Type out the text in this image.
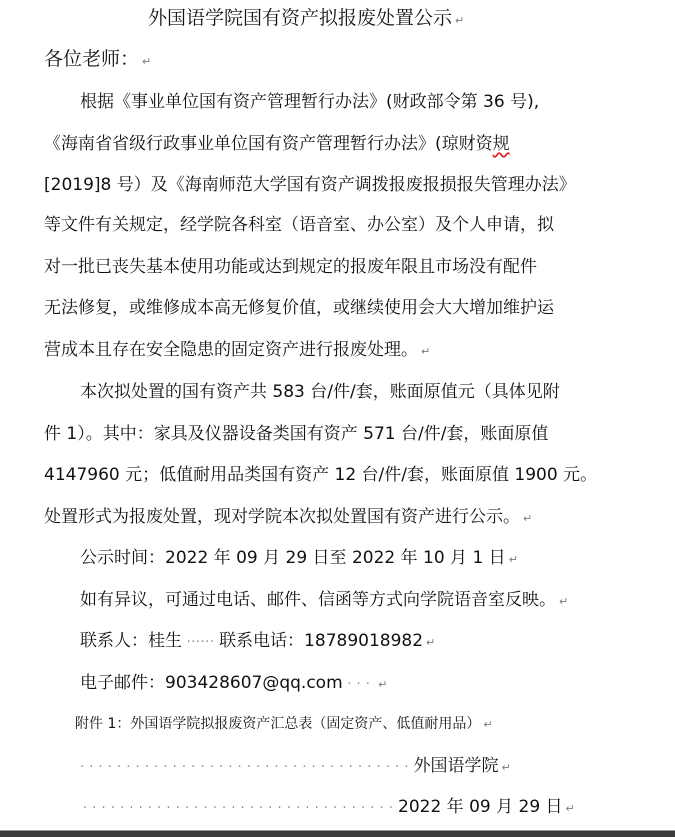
外国语学院国有资产拟报废处置公示 ↵
各位老师： ↵
根据《事业单位国有资产管理暂行办法》(财政部令第 36 号),
《海南省省级行政事业单位国有资产管理暂行办法》(琼财资规
[2019]8 号）及《海南师范大学国有资产调拨报废报损报失管理办法》
等文件有关规定，经学院各科室（语音室、办公室）及个人申请，拟
对一批已丧失基本使用功能或达到规定的报废年限且市场没有配件
无法修复，或维修成本高无修复价值，或继续使用会大大增加维护运
营成本且存在安全隐患的固定资产进行报废处理。 ↵
本次拟处置的国有资产共 583 台/件/套，账面原值元（具体见附
件 1）。其中：家具及仪器设备类国有资产 571 台/件/套，账面原值
4147960 元；低值耐用品类国有资产 12 台/件/套，账面原值 1900 元。
处置形式为报废处置，现对学院本次拟处置国有资产进行公示。 ↵
公示时间：2022 年 09 月 29 日至 2022 年 10 月 1 日 ↵
如有异议，可通过电话、邮件、信函等方式向学院语音室反映。 ↵
联系人：桂生 ······ 联系电话：18789018982 ↵
电子邮件：903428607@qq.com · · · ↵
附件 1：外国语学院拟报废资产汇总表（固定资产、低值耐用品） ↵
· · · · · · · · · · · · · · · · · · · · · · · · · · · · · · · · · · · · 外国语学院 ↵
· · · · · · · · · · · · · · · · · · · · · · · · · · · · · · · · · · 2022 年 09 月 29 日 ↵
